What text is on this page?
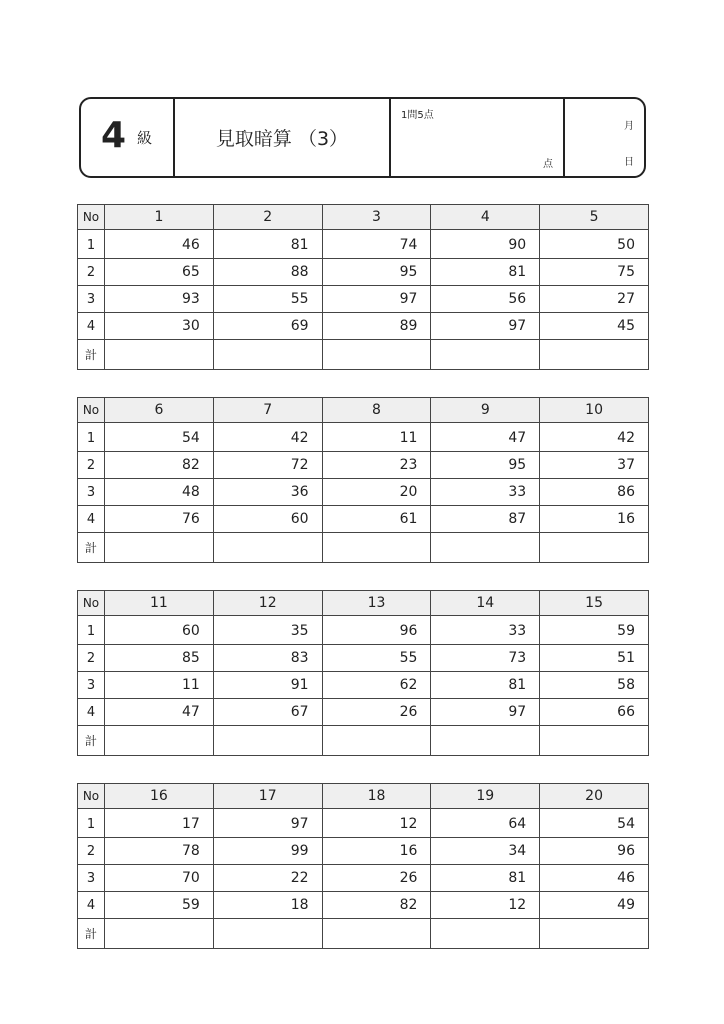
4 級	見取暗算 （3）
1問5点
点
月
日
No	1	2	3	4	5
1	46	81	74	90	50
2	65	88	95	81	75
3	93	55	97	56	27
4	30	69	89	97	45
計					
No	6	7	8	9	10
1	54	42	11	47	42
2	82	72	23	95	37
3	48	36	20	33	86
4	76	60	61	87	16
計					
No	11	12	13	14	15
1	60	35	96	33	59
2	85	83	55	73	51
3	11	91	62	81	58
4	47	67	26	97	66
計					
No	16	17	18	19	20
1	17	97	12	64	54
2	78	99	16	34	96
3	70	22	26	81	46
4	59	18	82	12	49
計					
